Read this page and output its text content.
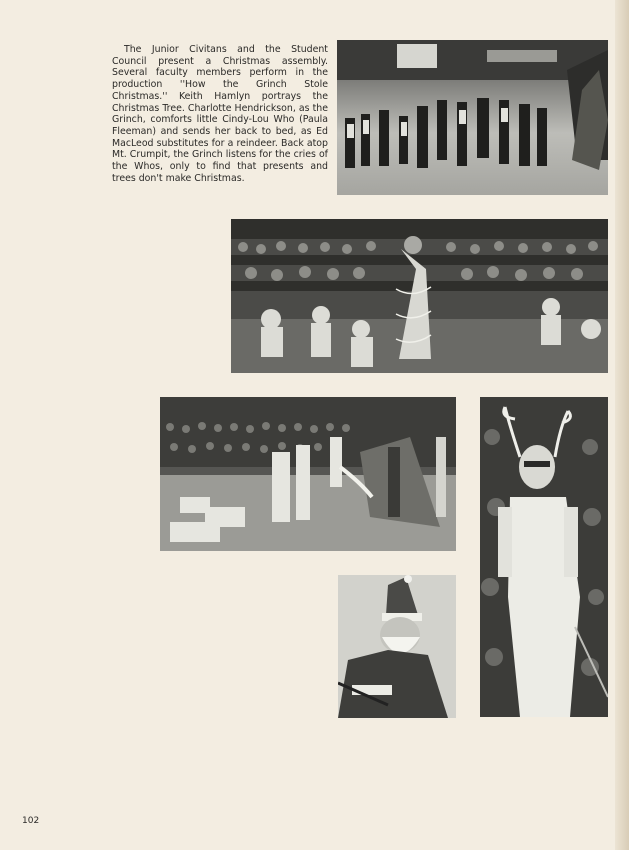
The Junior Civitans and the Student Council present a Christmas assembly. Several faculty members perform in the production ''How the Grinch Stole Christmas.'' Keith Hamlyn portrays the Christmas Tree. Charlotte Hendrickson, as the Grinch, comforts little Cindy-Lou Who (Paula Fleeman) and sends her back to bed, as Ed MacLeod substitutes for a reindeer. Back atop Mt. Crumpit, the Grinch listens for the cries of the Whos, only to find that presents and trees don't make Christmas.

102
